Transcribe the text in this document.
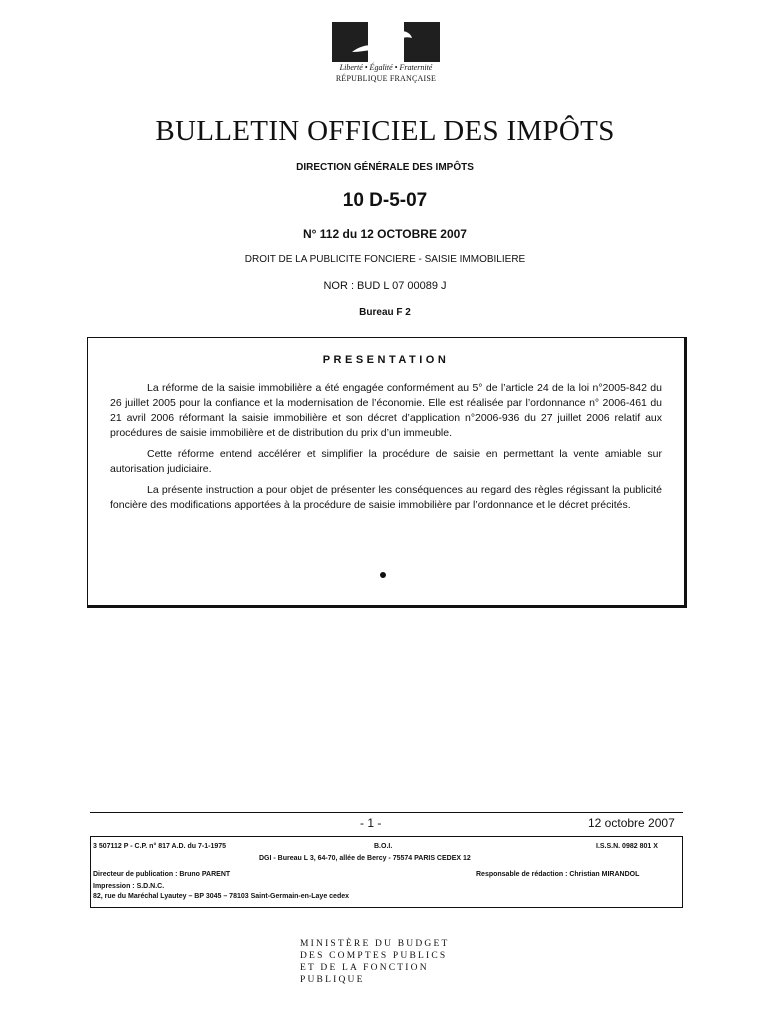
Liberté • Égalité • Fraternité
RÉPUBLIQUE FRANÇAISE
BULLETIN OFFICIEL DES IMPÔTS
DIRECTION GÉNÉRALE DES IMPÔTS
10 D-5-07
N° 112 du 12 OCTOBRE 2007
DROIT DE LA PUBLICITE FONCIERE - SAISIE IMMOBILIERE
NOR : BUD L 07 00089 J
Bureau F 2
PRESENTATION

La réforme de la saisie immobilière a été engagée conformément au 5° de l’article 24 de la loi n°2005-842 du 26 juillet 2005 pour la confiance et la modernisation de l’économie. Elle est réalisée par l’ordonnance n° 2006-461 du 21 avril 2006 réformant la saisie immobilière et son décret d’application n°2006-936 du 27 juillet 2006 relatif aux procédures de saisie immobilière et de distribution du prix d’un immeuble.

Cette réforme entend accélérer et simplifier la procédure de saisie en permettant la vente amiable sur autorisation judiciaire.

La présente instruction a pour objet de présenter les conséquences au regard des règles régissant la publicité foncière des modifications apportées à la procédure de saisie immobilière par l’ordonnance et le décret précités.

- 1 -	12 octobre 2007
3 507112 P - C.P. n° 817 A.D. du 7-1-1975	B.O.I.	I.S.S.N. 0982 801 X
DGI - Bureau L 3, 64-70, allée de Bercy - 75574 PARIS CEDEX 12
Directeur de publication : Bruno PARENT	Responsable de rédaction : Christian MIRANDOL
Impression : S.D.N.C.
82, rue du Maréchal Lyautey – BP 3045 – 78103 Saint-Germain-en-Laye cedex
MINISTÈRE DU BUDGET
DES COMPTES PUBLICS
ET DE LA FONCTION PUBLIQUE
